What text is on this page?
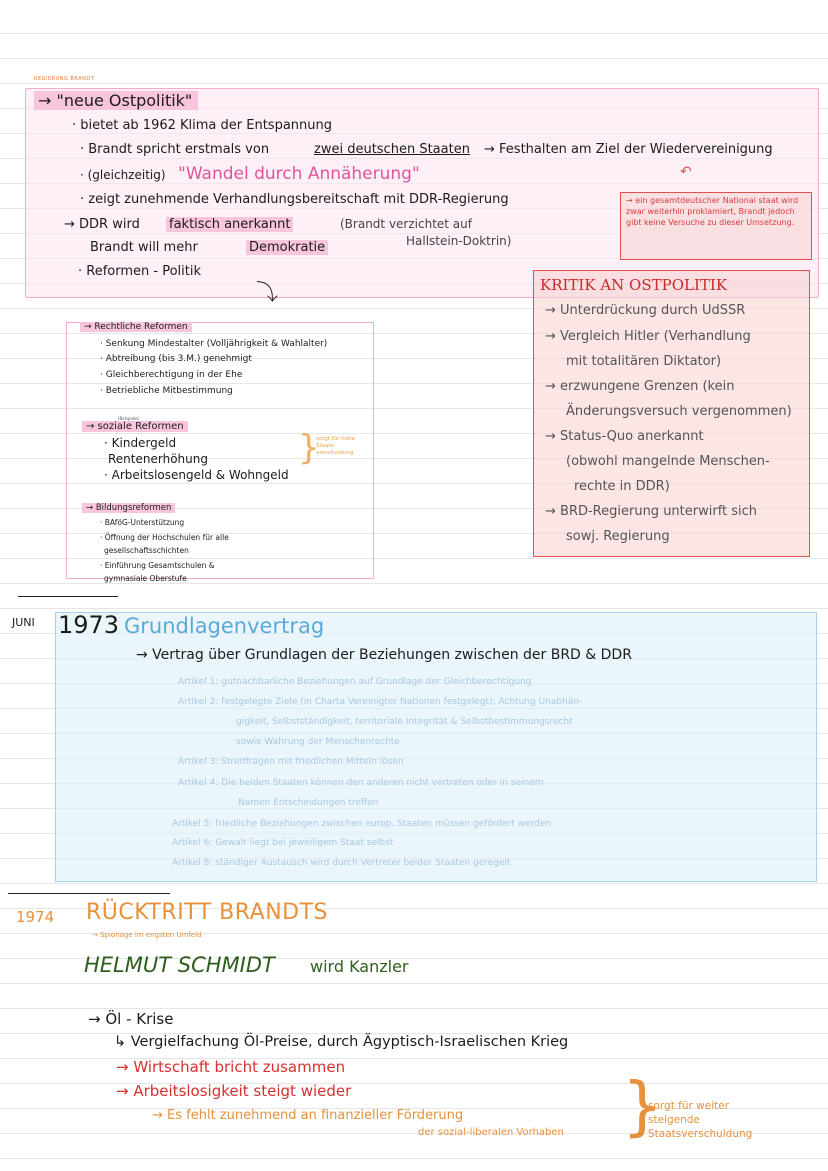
REGIERUNG BRANDT
→ "neue Ostpolitik"
· bietet ab 1962 Klima der Entspannung
· Brandt spricht erstmals von	zwei deutschen Staaten → Festhalten am Ziel der Wiedervereinigung
· (gleichzeitig) "Wandel durch Annäherung"
· zeigt zunehmende Verhandlungsbereitschaft mit DDR-Regierung
→ DDR wird faktisch anerkannt	(Brandt verzichtet auf
Hallstein-Doktrin)
Brandt will mehr	Demokratie
· Reformen - Politik
⤵
→ ein gesamtdeutscher National staat wird zwar weiterhin proklamiert, Brandt jedoch gibt keine Versuche zu dieser Umsetzung.
↶
KRITIK AN OSTPOLITIK
→ Unterdrückung durch UdSSR
→ Vergleich Hitler (Verhandlung
mit totalitären Diktator)
→ erzwungene Grenzen (kein
Änderungsversuch vergenommen)
→ Status-Quo anerkannt
(obwohl mangelnde Menschen-
rechte in DDR)
→ BRD-Regierung unterwirft sich
sowj. Regierung
→ Rechtliche Reformen
· Senkung Mindestalter (Volljährigkeit & Wahlalter)
· Abtreibung (bis 3.M.) genehmigt
· Gleichberechtigung in der Ehe
· Betriebliche Mitbestimmung
→ soziale Reformen
(Beispiele)
· Kindergeld
Rentenerhöhung
· Arbeitslosengeld & Wohngeld
}
sorgt für hohe Staats-verschuldung
→ Bildungsreformen
· BAföG-Unterstützung
· Öffnung der Hochschulen für alle
gesellschaftsschichten
· Einführung Gesamtschulen &
gymnasiale Oberstufe
JUNI 1973 Grundlagenvertrag
→ Vertrag über Grundlagen der Beziehungen zwischen der BRD & DDR
Artikel 1: gutnachbarliche Beziehungen auf Grundlage der Gleichberechtigung
Artikel 2: festgelegte Ziele (in Charta Vereinigter Nationen festgelegt): Achtung Unabhän-
gigkeit, Selbstständigkeit, territoriale Integrität & Selbstbestimmungsrecht
sowie Wahrung der Menschenrechte
Artikel 3: Streitfragen mit friedlichen Mitteln lösen
Artikel 4: Die beiden Staaten können den anderen nicht vertreten oder in seinem
Namen Entscheidungen treffen
Artikel 5: friedliche Beziehungen zwischen europ. Staaten müssen gefördert werden
Artikel 6: Gewalt liegt bei jeweiligem Staat selbst
Artikel 8: ständiger Austausch wird durch Vertreter beider Staaten geregelt
1974 RÜCKTRITT BRANDTS
→ Spionage im engsten Umfeld
HELMUT SCHMIDT wird Kanzler
→ Öl - Krise
↳ Vergielfachung Öl-Preise, durch Ägyptisch-Israelischen Krieg
→ Wirtschaft bricht zusammen
→ Arbeitslosigkeit steigt wieder
→ Es fehlt zunehmend an finanzieller Förderung
der sozial-liberalen Vorhaben }
sorgt für weiter steigende Staatsverschuldung
